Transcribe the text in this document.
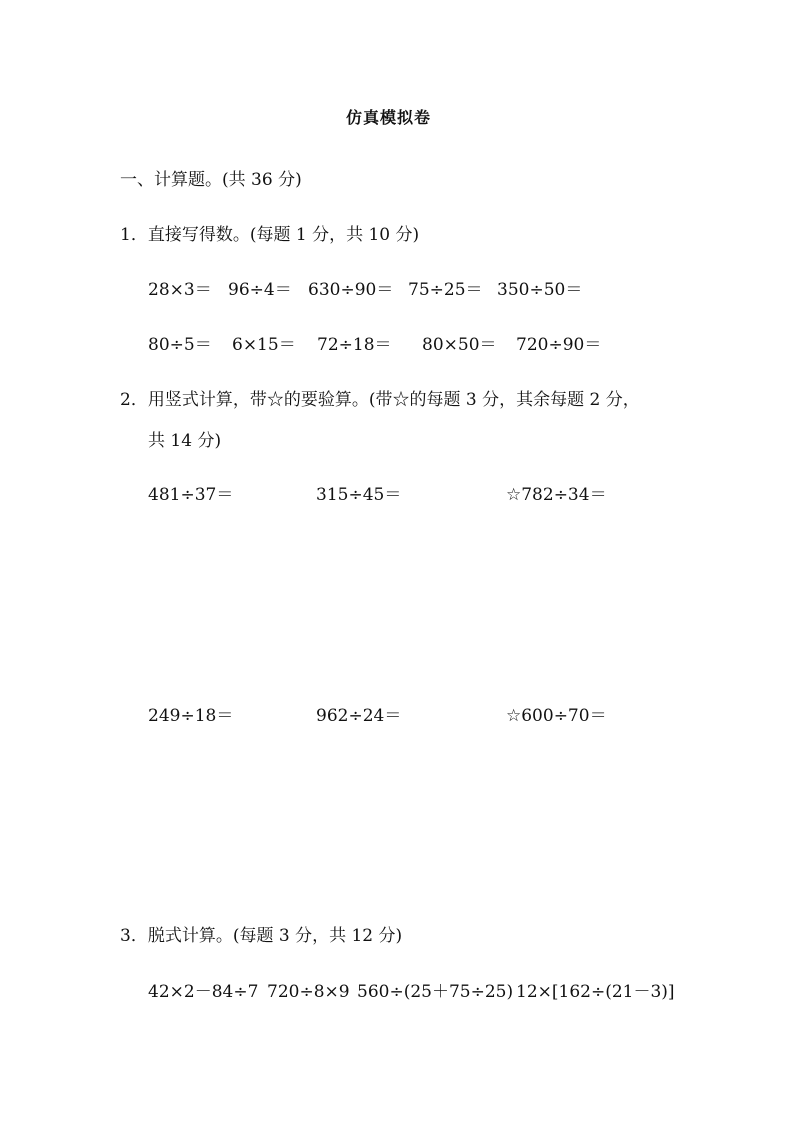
仿真模拟卷
一、计算题。(共 36 分)
1．直接写得数。(每题 1 分，共 10 分)
28×3＝ 96÷4＝ 630÷90＝ 75÷25＝ 350÷50＝
80÷5＝ 6×15＝ 72÷18＝ 80×50＝ 720÷90＝
2．用竖式计算，带☆的要验算。(带☆的每题 3 分，其余每题 2 分，
共 14 分)
481÷37＝	315÷45＝	☆782÷34＝
249÷18＝	962÷24＝	☆600÷70＝
3．脱式计算。(每题 3 分，共 12 分)
42×2－84÷7 720÷8×9 560÷(25＋75÷25) 12×[162÷(21－3)]
